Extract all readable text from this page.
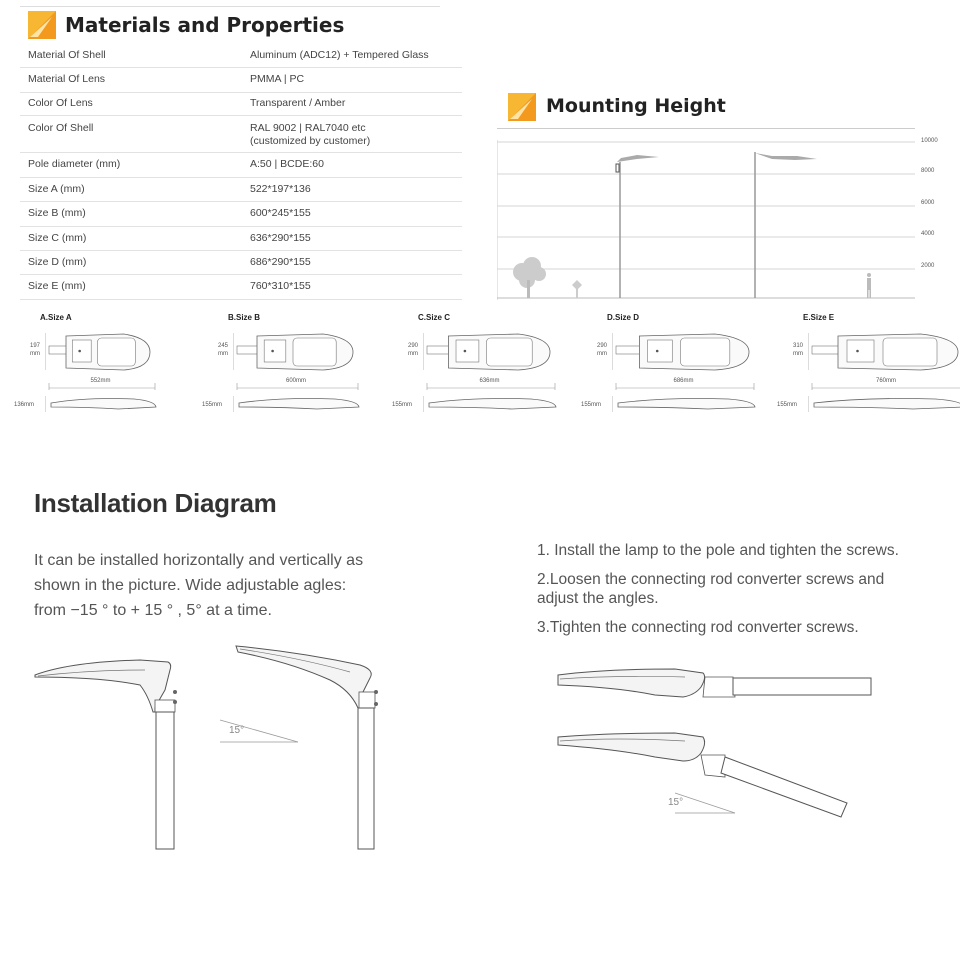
Materials and Properties
Material Of Shell	Aluminum (ADC12) + Tempered Glass
Material Of Lens	PMMA | PC
Color Of Lens	Transparent / Amber
Color Of Shell	RAL 9002 | RAL7040 etc
(customized by customer)

Pole diameter (mm)	A:50 | BCDE:60
Size A (mm)	522*197*136
Size B (mm)	600*245*155
Size C (mm)	636*290*155
Size D (mm)	686*290*155
Size E (mm)	760*310*155
Mounting Height
10000
8000
6000
4000
2000
A.Size A
197
mm
552mm
136mm
B.Size B
245
mm
600mm
155mm
C.Size C
290
mm
636mm
155mm
D.Size D
290
mm
686mm
155mm
E.Size E
310
mm
760mm
155mm
Installation Diagram
It can be installed horizontally and vertically as
shown in the picture. Wide adjustable agles:
from −15 ° to + 15 ° , 5° at a time.
1. Install the lamp to the pole and tighten the screws.
2.Loosen the connecting rod converter screws and
adjust the angles.
3.Tighten the connecting rod converter screws.
15°
15°
